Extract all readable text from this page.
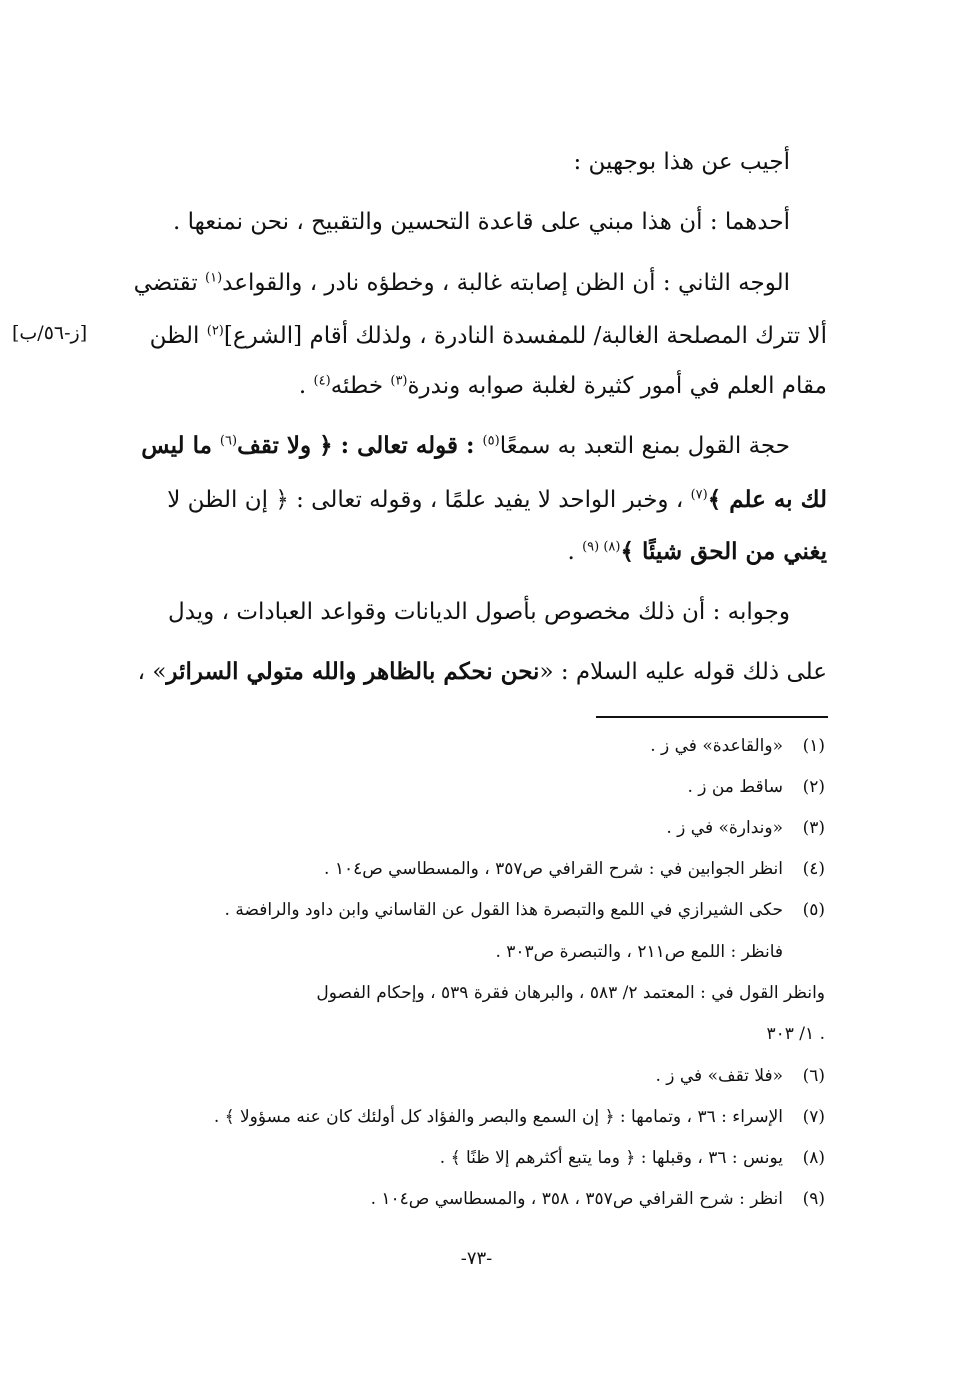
[ز-٥٦/ب]
أجيب عن هذا بوجهين :
أحدهما : أن هذا مبني على قاعدة التحسين والتقبيح ، نحن نمنعها .
الوجه الثاني : أن الظن إصابته غالبة ، وخطؤه نادر ، والقواعد$^{(١)}$ تقتضي
ألا تترك المصلحة الغالبة/ للمفسدة النادرة ، ولذلك أقام [الشرع]$^{(٢)}$ الظن
مقام العلم في أمور كثيرة لغلبة صوابه وندرة$^{(٣)}$ خطئه$^{(٤)}$ .
حجة القول بمنع التعبد به سمعًا$^{(٥)}$ : قوله تعالى : ﴿ ولا تقف$^{(٦)}$ ما ليس
لك به علم ﴾$^{(٧)}$ ، وخبر الواحد لا يفيد علمًا ، وقوله تعالى : ﴿ إن الظن لا
يغني من الحق شيئًا ﴾$^{(٨) (٩)}$ .
وجوابه : أن ذلك مخصوص بأصول الديانات وقواعد العبادات ، ويدل
على ذلك قوله عليه السلام : «نحن نحكم بالظاهر والله متولي السرائر» ،
(١)«والقاعدة» في ز .
(٢)ساقط من ز .
(٣)«وندارة» في ز .
(٤)انظر الجوابين في : شرح القرافي ص٣٥٧ ، والمسطاسي ص١٠٤ .
(٥)حكى الشيرازي في اللمع والتبصرة هذا القول عن القاساني وابن داود والرافضة .
فانظر : اللمع ص٢١١ ، والتبصرة ص٣٠٣ .
وانظر القول في : المعتمد ٢/ ٥٨٣ ، والبرهان فقرة ٥٣٩ ، وإحكام الفصول
١/ ٣٠٣ .
(٦)«فلا تقف» في ز .
(٧)الإسراء : ٣٦ ، وتمامها : ﴿ إن السمع والبصر والفؤاد كل أولئك كان عنه مسؤولا ﴾ .
(٨)يونس : ٣٦ ، وقبلها : ﴿ وما يتبع أكثرهم إلا ظنًا ﴾ .
(٩)انظر : شرح القرافي ص٣٥٧ ، ٣٥٨ ، والمسطاسي ص١٠٤ .
-٧٣-
